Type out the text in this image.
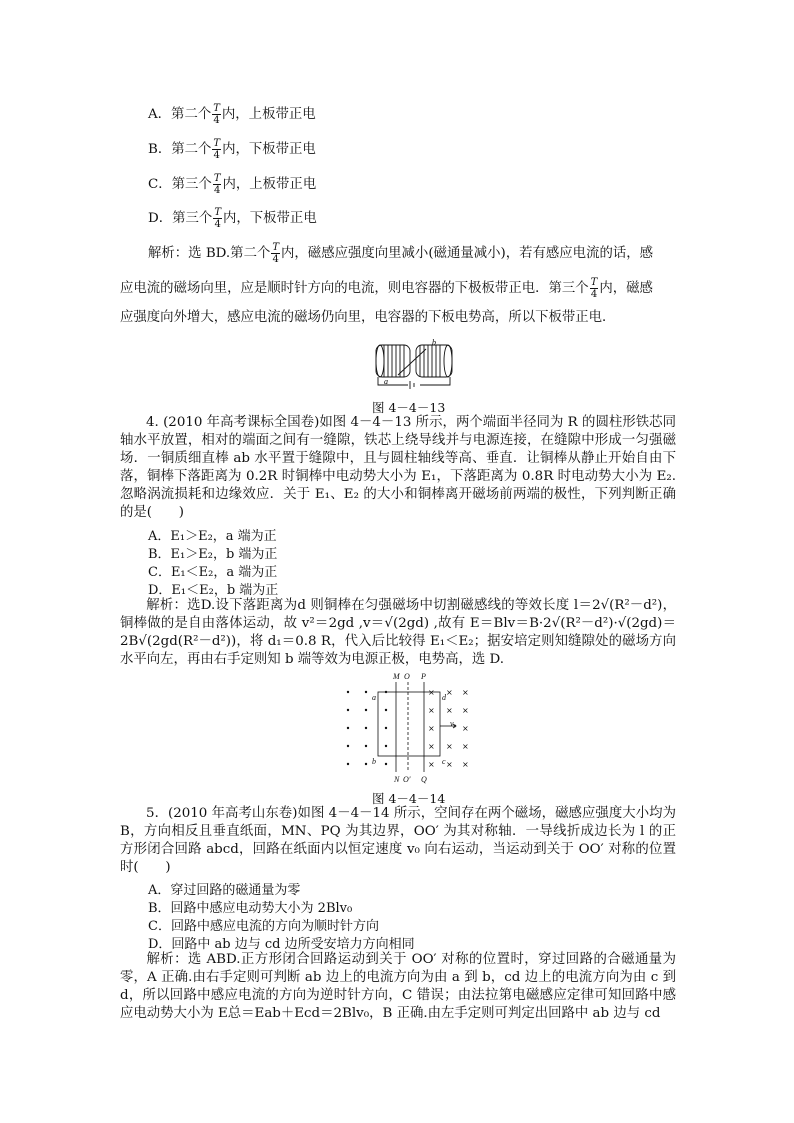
A．第二个 $\frac{T}{4}$ 内，上板带正电
B．第二个 $\frac{T}{4}$ 内，下板带正电
C．第三个 $\frac{T}{4}$ 内，上板带正电
D．第三个 $\frac{T}{4}$ 内，下板带正电
解析：选 BD.第二个 $\frac{T}{4}$ 内，磁感应强度向里减小(磁通量减小)，若有感应电流的话，感
应电流的磁场向里，应是顺时针方向的电流，则电容器的下极板带正电．第三个 $\frac{T}{4}$ 内，磁感
应强度向外增大，感应电流的磁场仍向里，电容器的下板电势高，所以下板带正电．
a
b
图 4－4－13
4. (2010 年高考课标全国卷)如图 4－4－13 所示，两个端面半径同为 R 的圆柱形铁芯同轴水平放置，相对的端面之间有一缝隙，铁芯上绕导线并与电源连接，在缝隙中形成一匀强磁场．一铜质细直棒 ab 水平置于缝隙中，且与圆柱轴线等高、垂直．让铜棒从静止开始自由下落，铜棒下落距离为 0.2R 时铜棒中电动势大小为 E₁，下落距离为 0.8R 时电动势大小为 E₂.忽略涡流损耗和边缘效应．关于 E₁、E₂ 的大小和铜棒离开磁场前两端的极性，下列判断正确的是(　　)
A．E₁＞E₂，a 端为正
B．E₁＞E₂，b 端为正
C．E₁＜E₂，a 端为正
D．E₁＜E₂，b 端为正
解析：选D.设下落距离为d 则铜棒在匀强磁场中切割磁感线的等效长度 l＝2√(R²－d²)，铜棒做的是自由落体运动，故 v²＝2gd ,v＝√(2gd) ,故有 E＝Blv＝B·2√(R²－d²)·√(2gd)＝2B√(2gd(R²－d²))，将 d₁＝0.8 R，代入后比较得 E₁＜E₂；据安培定则知缝隙处的磁场方向水平向左，再由右手定则知 b 端等效为电源正极，电势高，选 D.
M O P
N O′ Q
a
b	c
d
v₀
× × ×
× × ×
×	×
× × ×
× × ×
图 4－4－14
5．(2010 年高考山东卷)如图 4－4－14 所示，空间存在两个磁场，磁感应强度大小均为 B，方向相反且垂直纸面，MN、PQ 为其边界，OO′ 为其对称轴．一导线折成边长为 l 的正方形闭合回路 abcd，回路在纸面内以恒定速度 v₀ 向右运动，当运动到关于 OO′ 对称的位置时(　　)
A．穿过回路的磁通量为零
B．回路中感应电动势大小为 2Blv₀
C．回路中感应电流的方向为顺时针方向
D．回路中 ab 边与 cd 边所受安培力方向相同
解析：选 ABD.正方形闭合回路运动到关于 OO′ 对称的位置时，穿过回路的合磁通量为零，A 正确.由右手定则可判断 ab 边上的电流方向为由 a 到 b，cd 边上的电流方向为由 c 到 d，所以回路中感应电流的方向为逆时针方向，C 错误；由法拉第电磁感应定律可知回路中感应电动势大小为 E总＝Eab＋Ecd＝2Blv₀，B 正确.由左手定则可判定出回路中 ab 边与 cd
